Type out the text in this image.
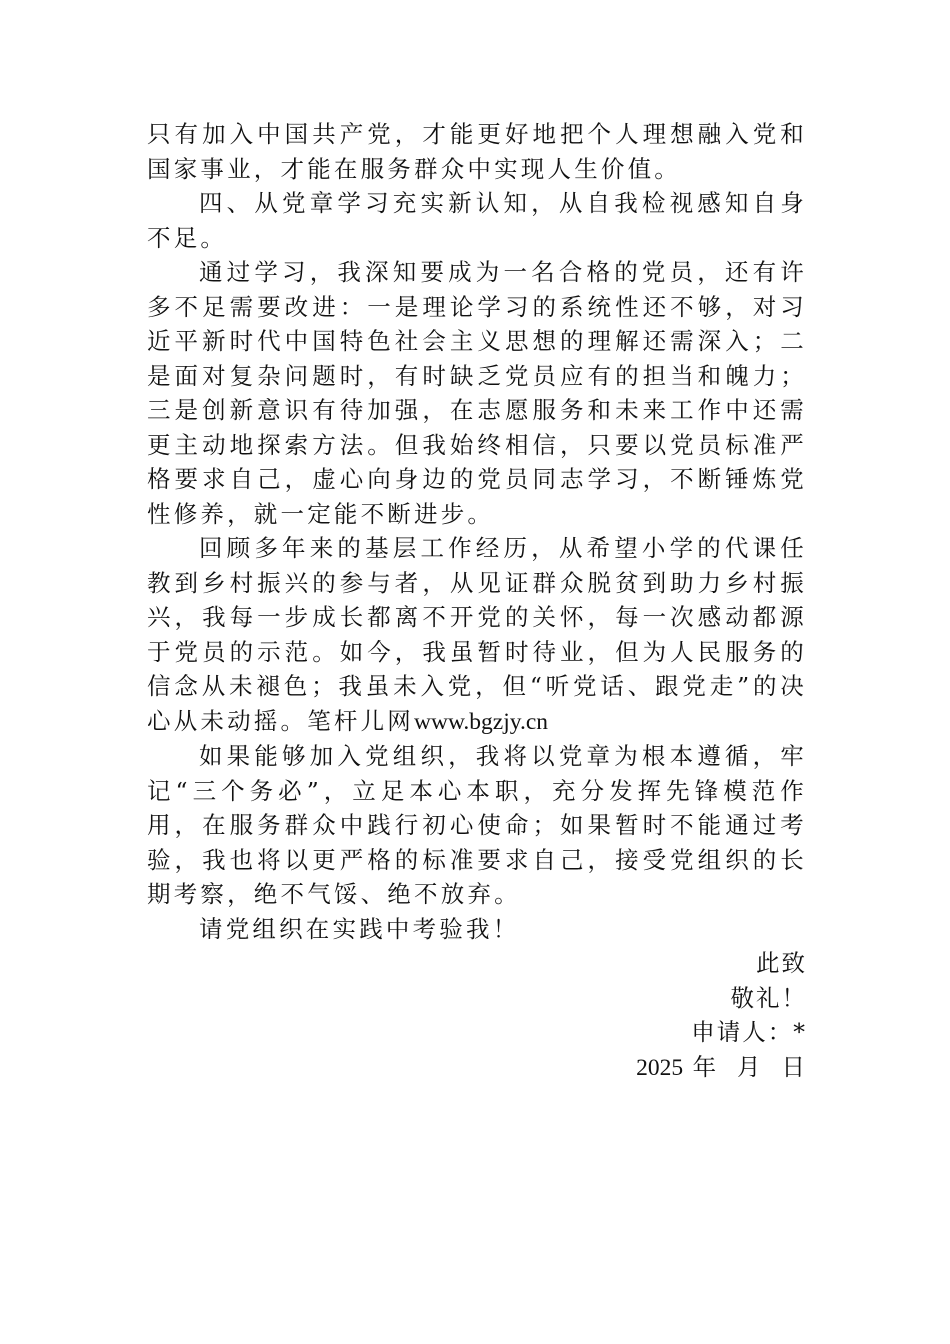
只有加入中国共产党，才能更好地把个人理想融入党和国家事业，才能在服务群众中实现人生价值。

四、从党章学习充实新认知，从自我检视感知自身不足。

通过学习，我深知要成为一名合格的党员，还有许多不足需要改进：一是理论学习的系统性还不够，对习近平新时代中国特色社会主义思想的理解还需深入；二是面对复杂问题时，有时缺乏党员应有的担当和魄力；三是创新意识有待加强，在志愿服务和未来工作中还需更主动地探索方法。但我始终相信，只要以党员标准严格要求自己，虚心向身边的党员同志学习，不断锤炼党性修养，就一定能不断进步。

回顾多年来的基层工作经历，从希望小学的代课任教到乡村振兴的参与者，从见证群众脱贫到助力乡村振兴，我每一步成长都离不开党的关怀，每一次感动都源于党员的示范。如今，我虽暂时待业，但为人民服务的信念从未褪色；我虽未入党，但“听党话、跟党走”的决心从未动摇。笔杆儿网www.bgzjy.cn

如果能够加入党组织，我将以党章为根本遵循，牢记“三个务必”，立足本心本职，充分发挥先锋模范作用，在服务群众中践行初心使命；如果暂时不能通过考验，我也将以更严格的标准要求自己，接受党组织的长期考察，绝不气馁、绝不放弃。

请党组织在实践中考验我！

此致

敬礼！

申请人：*

2025 年  月  日
